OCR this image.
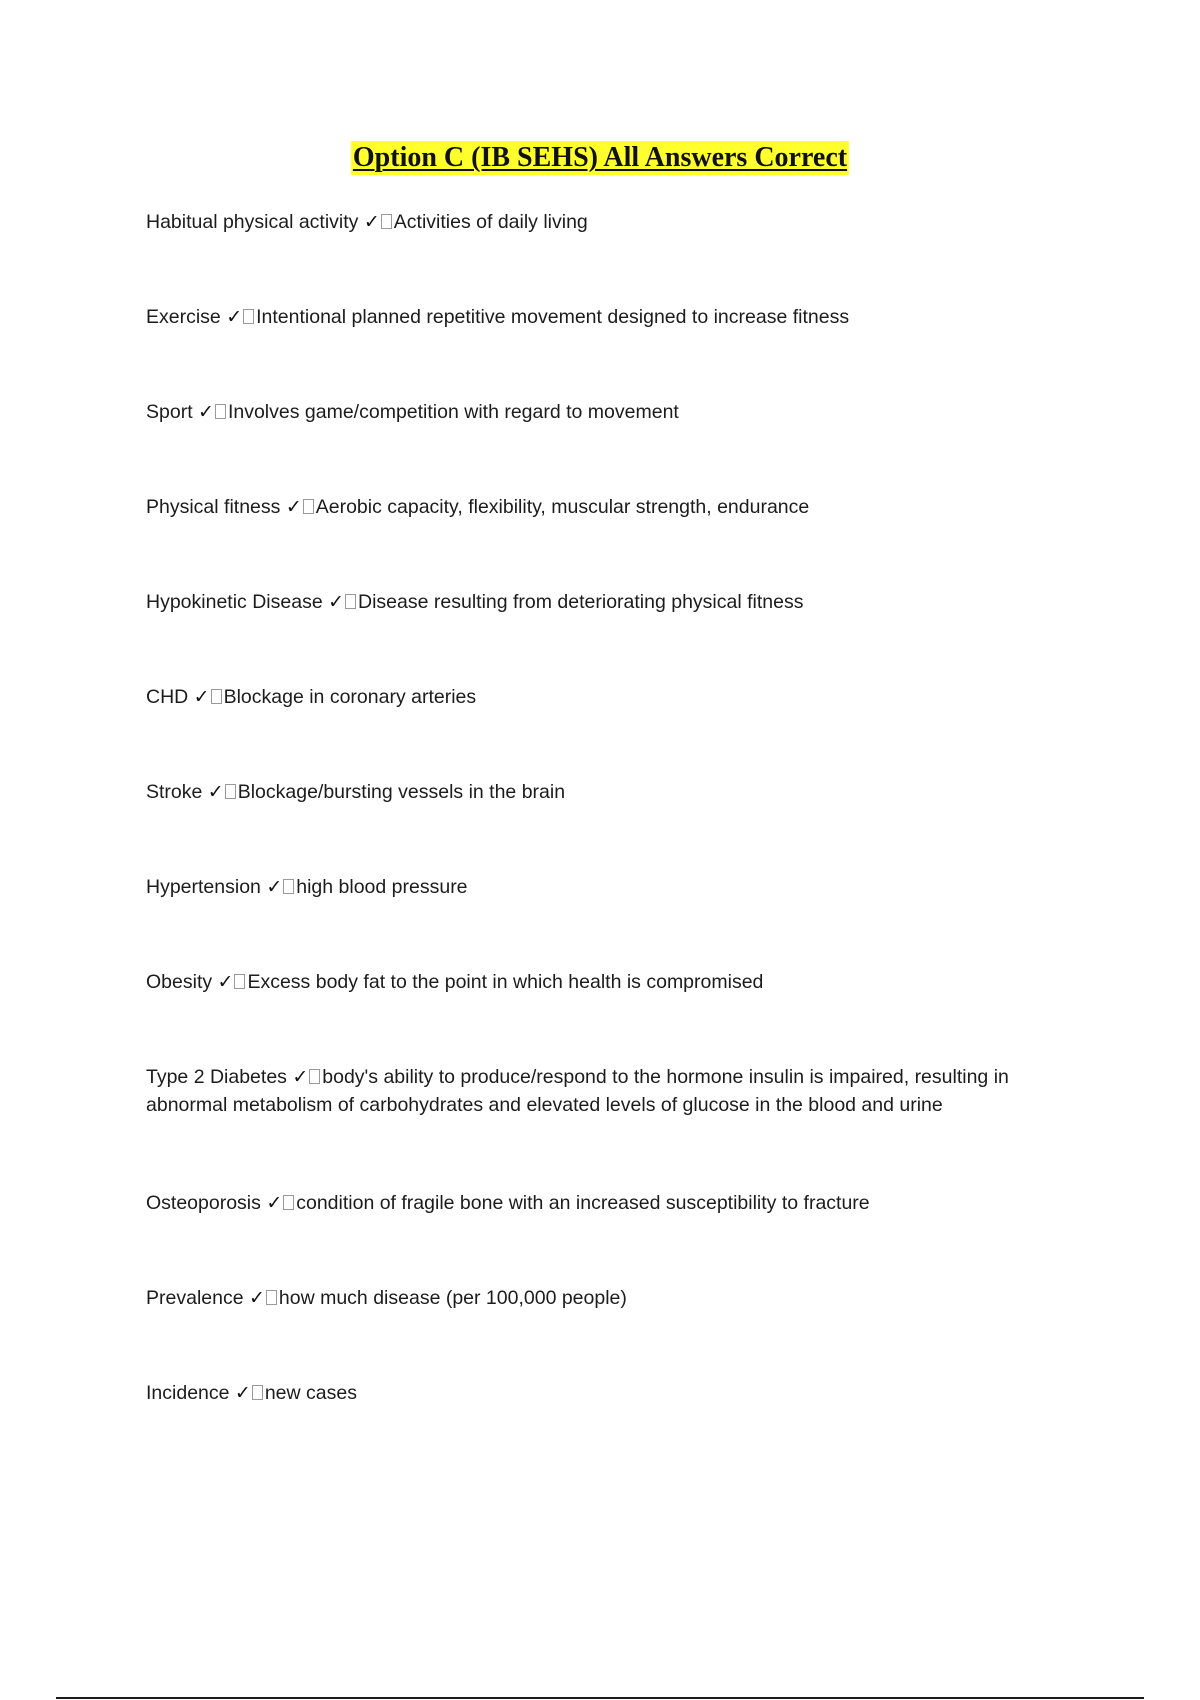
Option C (IB SEHS) All Answers Correct

Habitual physical activity ✓ Activities of daily living

Exercise ✓ Intentional planned repetitive movement designed to increase fitness

Sport ✓ Involves game/competition with regard to movement

Physical fitness ✓ Aerobic capacity, flexibility, muscular strength, endurance

Hypokinetic Disease ✓ Disease resulting from deteriorating physical fitness

CHD ✓ Blockage in coronary arteries

Stroke ✓ Blockage/bursting vessels in the brain

Hypertension ✓ high blood pressure

Obesity ✓ Excess body fat to the point in which health is compromised

Type 2 Diabetes ✓ body's ability to produce/respond to the hormone insulin is impaired, resulting in abnormal metabolism of carbohydrates and elevated levels of glucose in the blood and urine

Osteoporosis ✓ condition of fragile bone with an increased susceptibility to fracture

Prevalence ✓ how much disease (per 100,000 people)

Incidence ✓ new cases
